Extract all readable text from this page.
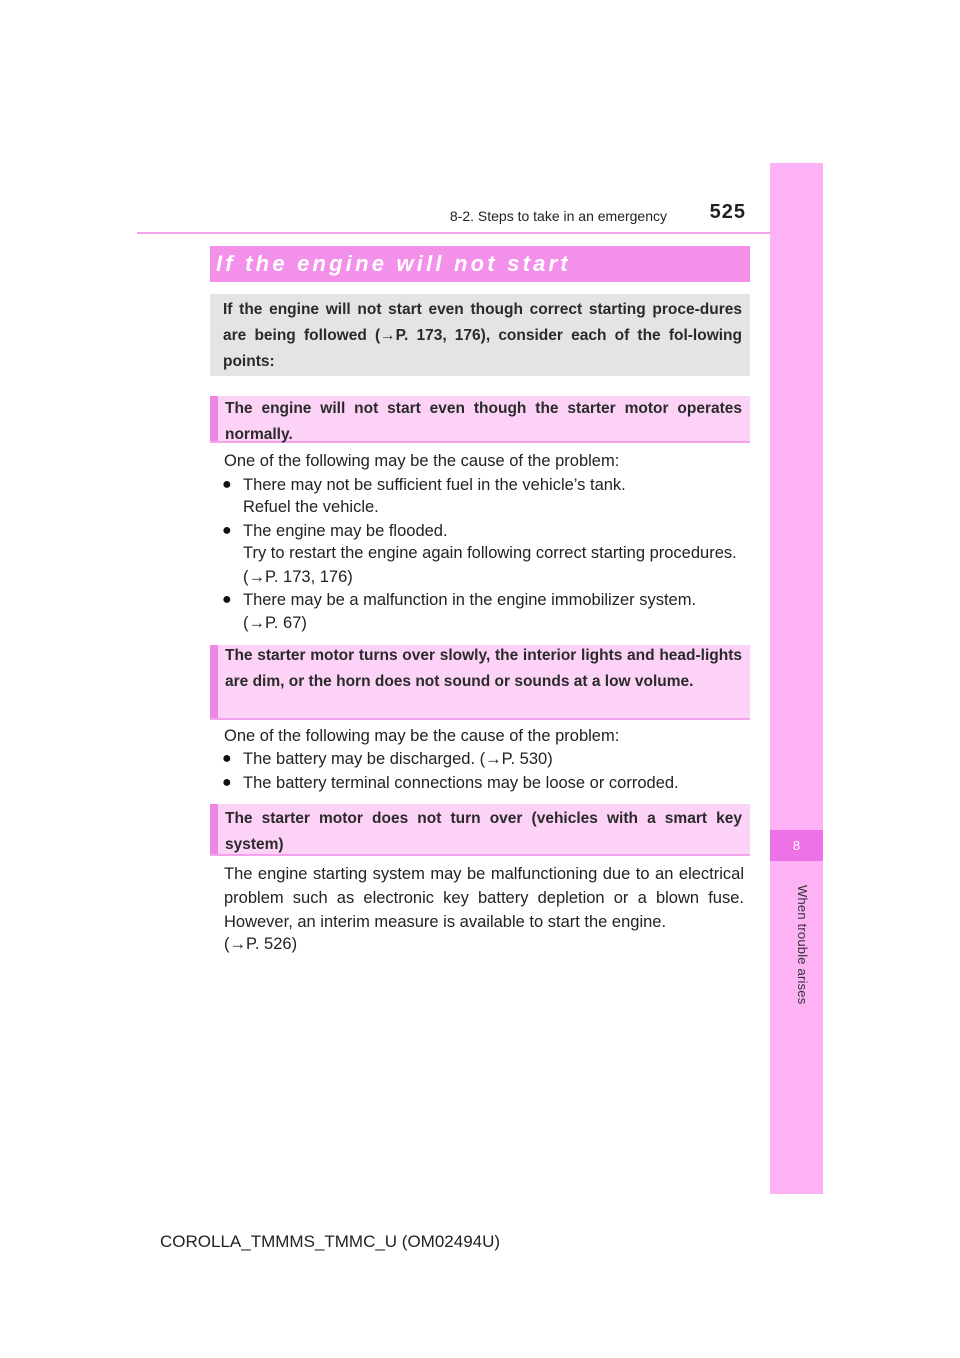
8-2. Steps to take in an emergency	525
8
When trouble arises
If the engine will not start
If the engine will not start even though correct starting proce-dures are being followed (→P. 173, 176), consider each of the fol-lowing points:
The engine will not start even though the starter motor operates normally.
One of the following may be the cause of the problem:
● There may not be sufficient fuel in the vehicle’s tank.
Refuel the vehicle.
● The engine may be flooded.
Try to restart the engine again following correct starting procedures.
(→P. 173, 176)
● There may be a malfunction in the engine immobilizer system.
(→P. 67)
The starter motor turns over slowly, the interior lights and head-lights are dim, or the horn does not sound or sounds at a low volume.
One of the following may be the cause of the problem:
● The battery may be discharged. (→P. 530)
● The battery terminal connections may be loose or corroded.
The starter motor does not turn over (vehicles with a smart key system)
The engine starting system may be malfunctioning due to an electrical problem such as electronic key battery depletion or a blown fuse. However, an interim measure is available to start the engine.
(→P. 526)
COROLLA_TMMMS_TMMC_U (OM02494U)
